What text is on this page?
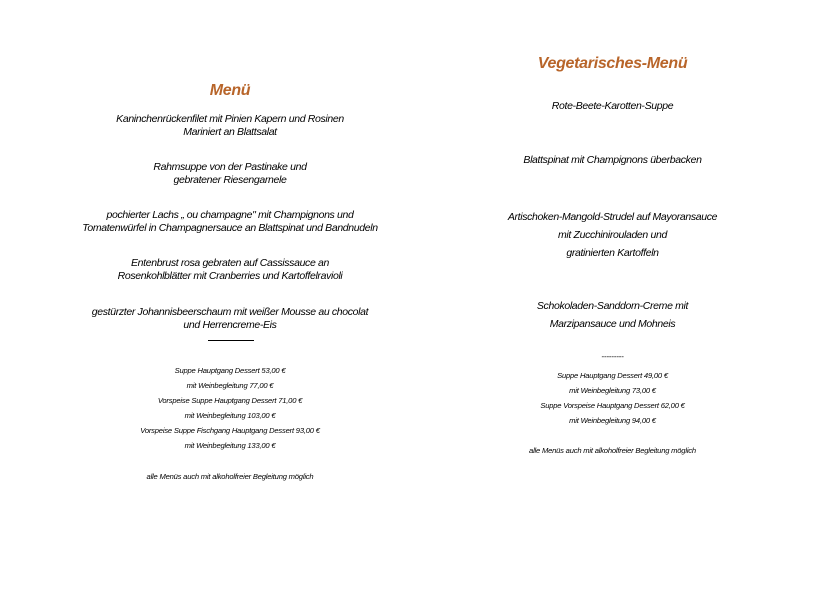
Menü
Kaninchenrückenfilet mit Pinien Kapern und Rosinen
Mariniert an Blattsalat
Rahmsuppe von der Pastinake und
gebratener Riesengarnele
pochierter Lachs „ ou champagne" mit Champignons und
Tomatenwürfel in Champagnersauce an Blattspinat und Bandnudeln
Entenbrust rosa gebraten auf Cassissauce an
Rosenkohlblätter mit Cranberries und Kartoffelravioli
gestürzter Johannisbeerschaum mit weißer Mousse au chocolat
und Herrencreme-Eis
Suppe Hauptgang Dessert 53,00 €
mit Weinbegleitung 77,00 €
Vorspeise Suppe Hauptgang Dessert 71,00 €
mit Weinbegleitung 103,00 €
Vorspeise Suppe Fischgang Hauptgang Dessert 93,00 €
mit Weinbegleitung 133,00 €
alle Menüs auch mit alkoholfreier Begleitung möglich
Vegetarisches-Menü
Rote-Beete-Karotten-Suppe
Blattspinat mit Champignons überbacken
Artischoken-Mangold-Strudel auf Mayoransauce
mit Zucchinirouladen und
gratinierten Kartoffeln
Schokoladen-Sanddorn-Creme mit
Marzipansauce und Mohneis
---------
Suppe Hauptgang Dessert 49,00 €
mit Weinbegleitung 73,00 €
Suppe Vorspeise Hauptgang Dessert 62,00 €
mit Weinbegleitung 94,00 €
alle Menüs auch mit alkoholfreier Begleitung möglich
